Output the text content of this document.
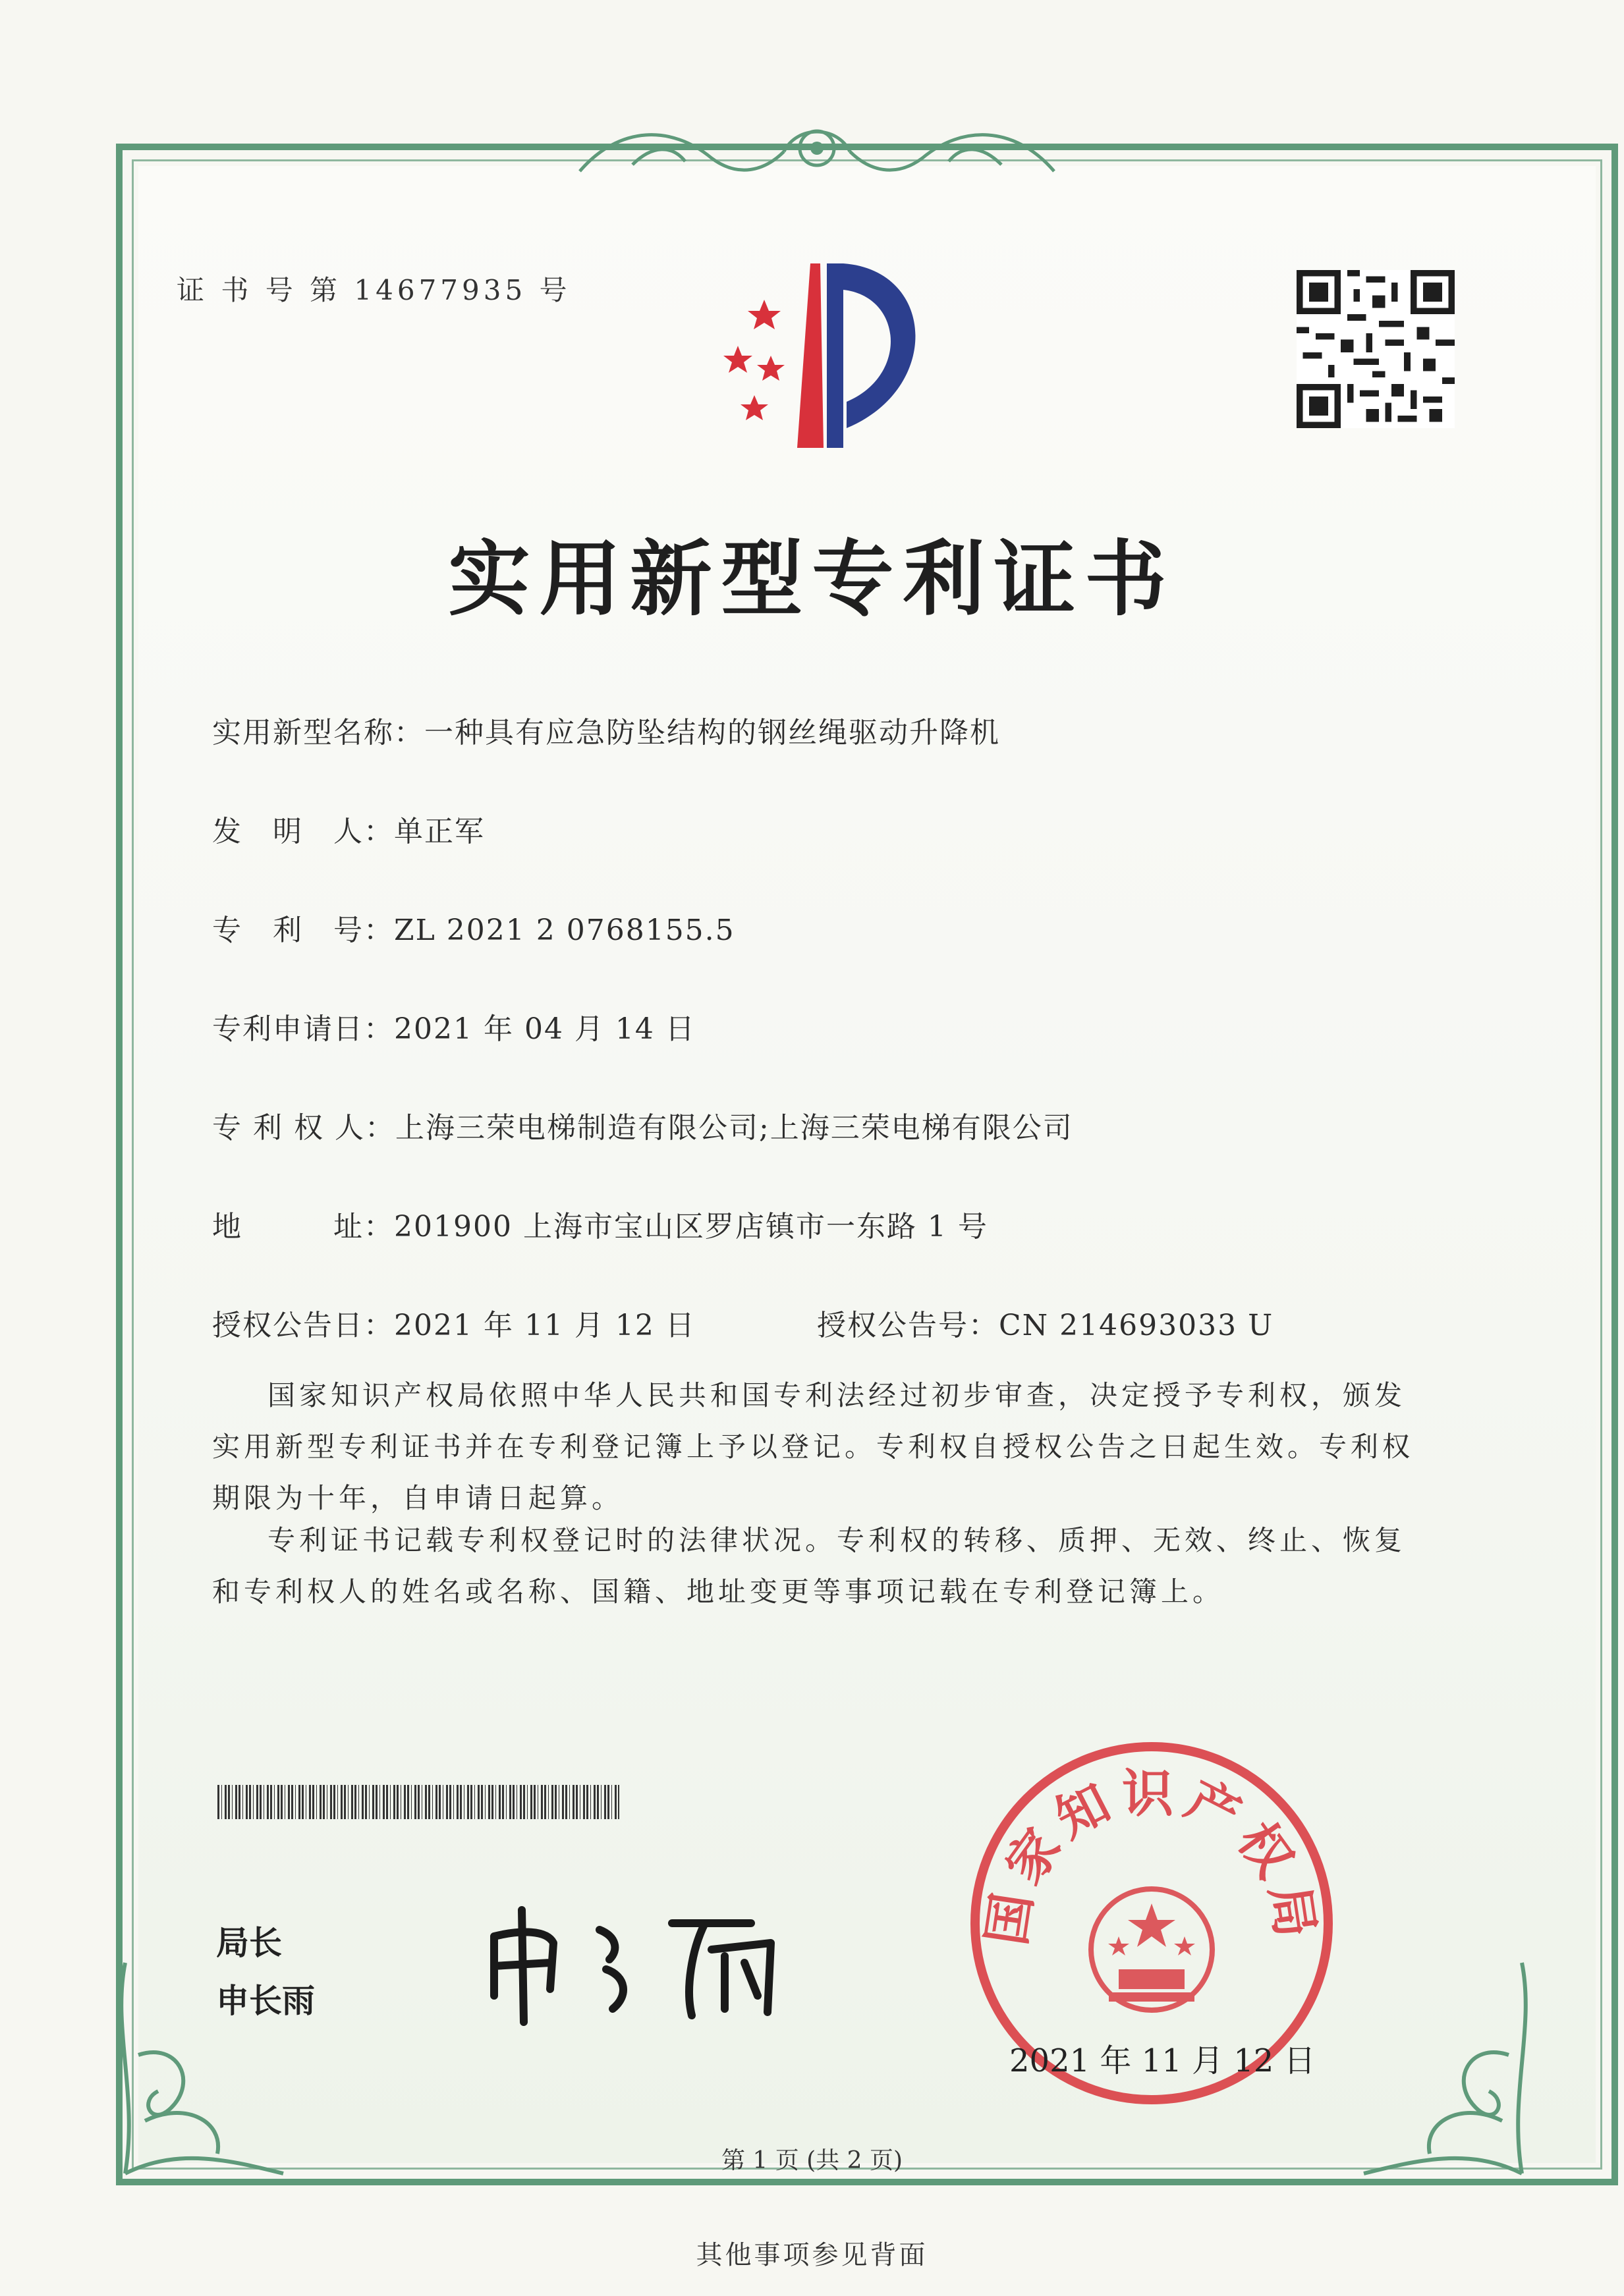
证 书 号 第 14677935 号
实用新型专利证书
实用新型名称：一种具有应急防坠结构的钢丝绳驱动升降机
发　明　人：单正军
专　利　号：ZL 2021 2 0768155.5
专利申请日：2021 年 04 月 14 日
专 利 权 人：上海三荣电梯制造有限公司;上海三荣电梯有限公司
地　　　址：201900 上海市宝山区罗店镇市一东路 1 号
授权公告日：2021 年 11 月 12 日	授权公告号：CN 214693033 U
国家知识产权局依照中华人民共和国专利法经过初步审查，决定授予专利权，颁发实用新型专利证书并在专利登记簿上予以登记。专利权自授权公告之日起生效。专利权期限为十年，自申请日起算。
专利证书记载专利权登记时的法律状况。专利权的转移、质押、无效、终止、恢复和专利权人的姓名或名称、国籍、地址变更等事项记载在专利登记簿上。
局长
申长雨
国家知识产权局
2021 年 11 月 12 日
第 1 页 (共 2 页)
其他事项参见背面
